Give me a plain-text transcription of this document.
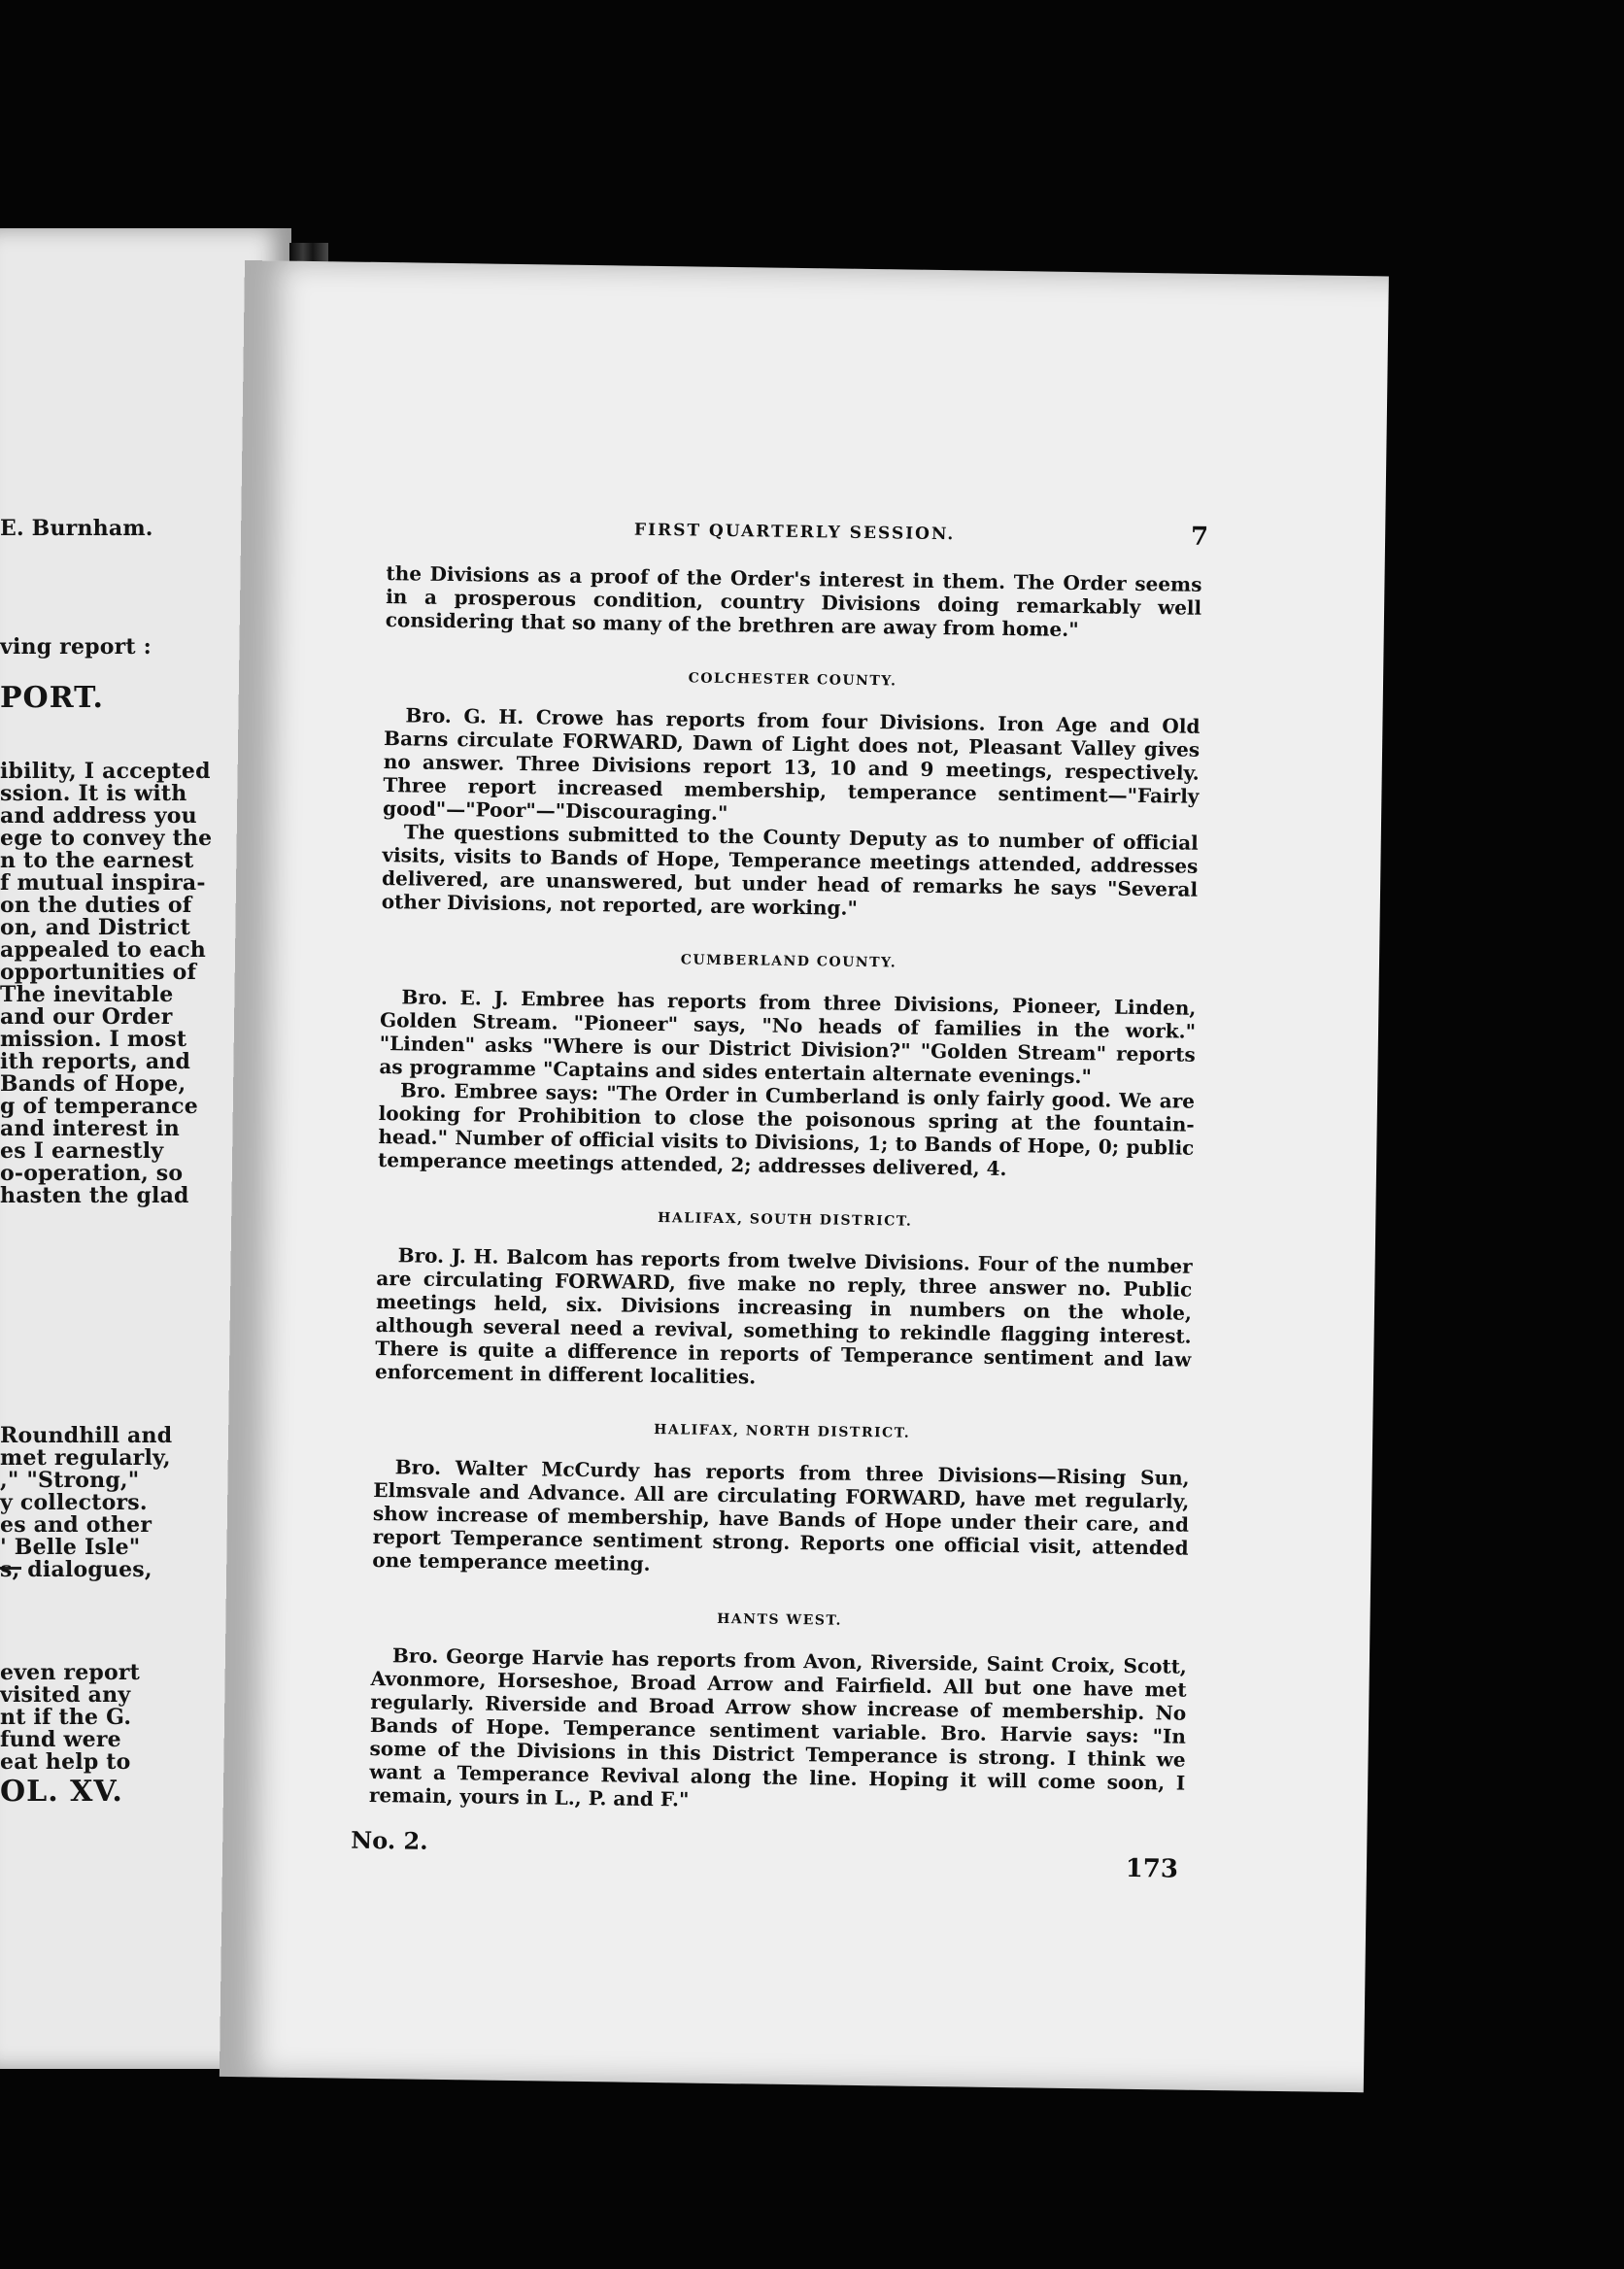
E. Burnham.
ving report :
PORT.
ibility, I accepted
ssion. It is with
and address you
ege to convey the
n to the earnest
f mutual inspira-
on the duties of
on, and District
appealed to each
opportunities of
The inevitable
and our Order
mission. I most
ith reports, and
Bands of Hope,
g of temperance
and interest in
es I earnestly
o-operation, so
hasten the glad
Roundhill and
met regularly,
," "Strong,"
y collectors.
es and other
' Belle Isle"
s, dialogues,
even report
visited any
nt if the G.
fund were
eat help to
OL. XV.
FIRST QUARTERLY SESSION.	7

the Divisions as a proof of the Order's interest in them. The Order seems in a prosperous condition, country Divisions doing remarkably well considering that so many of the brethren are away from home."

COLCHESTER COUNTY.

Bro. G. H. Crowe has reports from four Divisions. Iron Age and Old Barns circulate FORWARD, Dawn of Light does not, Pleasant Valley gives no answer. Three Divisions report 13, 10 and 9 meetings, respectively. Three report increased membership, temperance sentiment—"Fairly good"—"Poor"—"Discouraging."

The questions submitted to the County Deputy as to number of official visits, visits to Bands of Hope, Temperance meetings attended, addresses delivered, are unanswered, but under head of remarks he says "Several other Divisions, not reported, are working."

CUMBERLAND COUNTY.

Bro. E. J. Embree has reports from three Divisions, Pioneer, Linden, Golden Stream. "Pioneer" says, "No heads of families in the work." "Linden" asks "Where is our District Division?" "Golden Stream" reports as programme "Captains and sides entertain alternate evenings."

Bro. Embree says: "The Order in Cumberland is only fairly good. We are looking for Prohibition to close the poisonous spring at the fountain-head." Number of official visits to Divisions, 1; to Bands of Hope, 0; public temperance meetings attended, 2; addresses delivered, 4.

HALIFAX, SOUTH DISTRICT.

Bro. J. H. Balcom has reports from twelve Divisions. Four of the number are circulating FORWARD, five make no reply, three answer no. Public meetings held, six. Divisions increasing in numbers on the whole, although several need a revival, something to rekindle flagging interest. There is quite a difference in reports of Temperance sentiment and law enforcement in different localities.

HALIFAX, NORTH DISTRICT.

Bro. Walter McCurdy has reports from three Divisions—Rising Sun, Elmsvale and Advance. All are circulating FORWARD, have met regularly, show increase of membership, have Bands of Hope under their care, and report Temperance sentiment strong. Reports one official visit, attended one temperance meeting.

HANTS WEST.

Bro. George Harvie has reports from Avon, Riverside, Saint Croix, Scott, Avonmore, Horseshoe, Broad Arrow and Fairfield. All but one have met regularly. Riverside and Broad Arrow show increase of membership. No Bands of Hope. Temperance sentiment variable. Bro. Harvie says: "In some of the Divisions in this District Temperance is strong. I think we want a Temperance Revival along the line. Hoping it will come soon, I remain, yours in L., P. and F."

No. 2.
173
